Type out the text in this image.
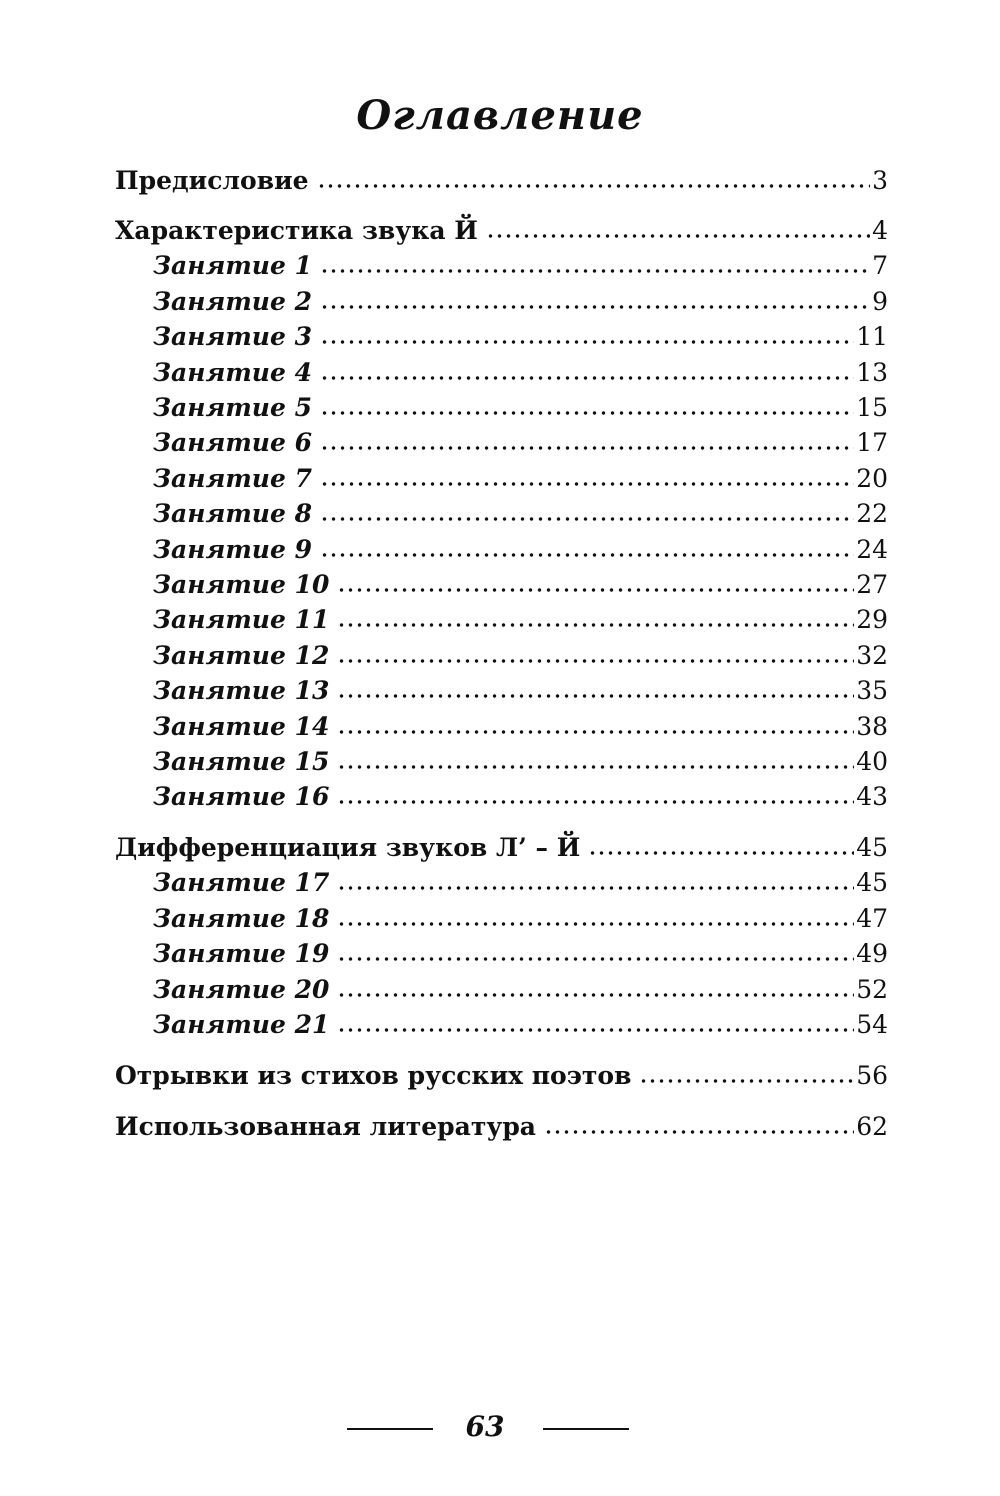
Оглавление
Предисловие	3
Характеристика звука Й	4
Занятие 1	7
Занятие 2	9
Занятие 3	11
Занятие 4	13
Занятие 5	15
Занятие 6	17
Занятие 7	20
Занятие 8	22
Занятие 9	24
Занятие 10	27
Занятие 11	29
Занятие 12	32
Занятие 13	35
Занятие 14	38
Занятие 15	40
Занятие 16	43
Дифференциация звуков Л’ – Й	45
Занятие 17	45
Занятие 18	47
Занятие 19	49
Занятие 20	52
Занятие 21	54
Отрывки из стихов русских поэтов	56
Использованная литература	62
63
